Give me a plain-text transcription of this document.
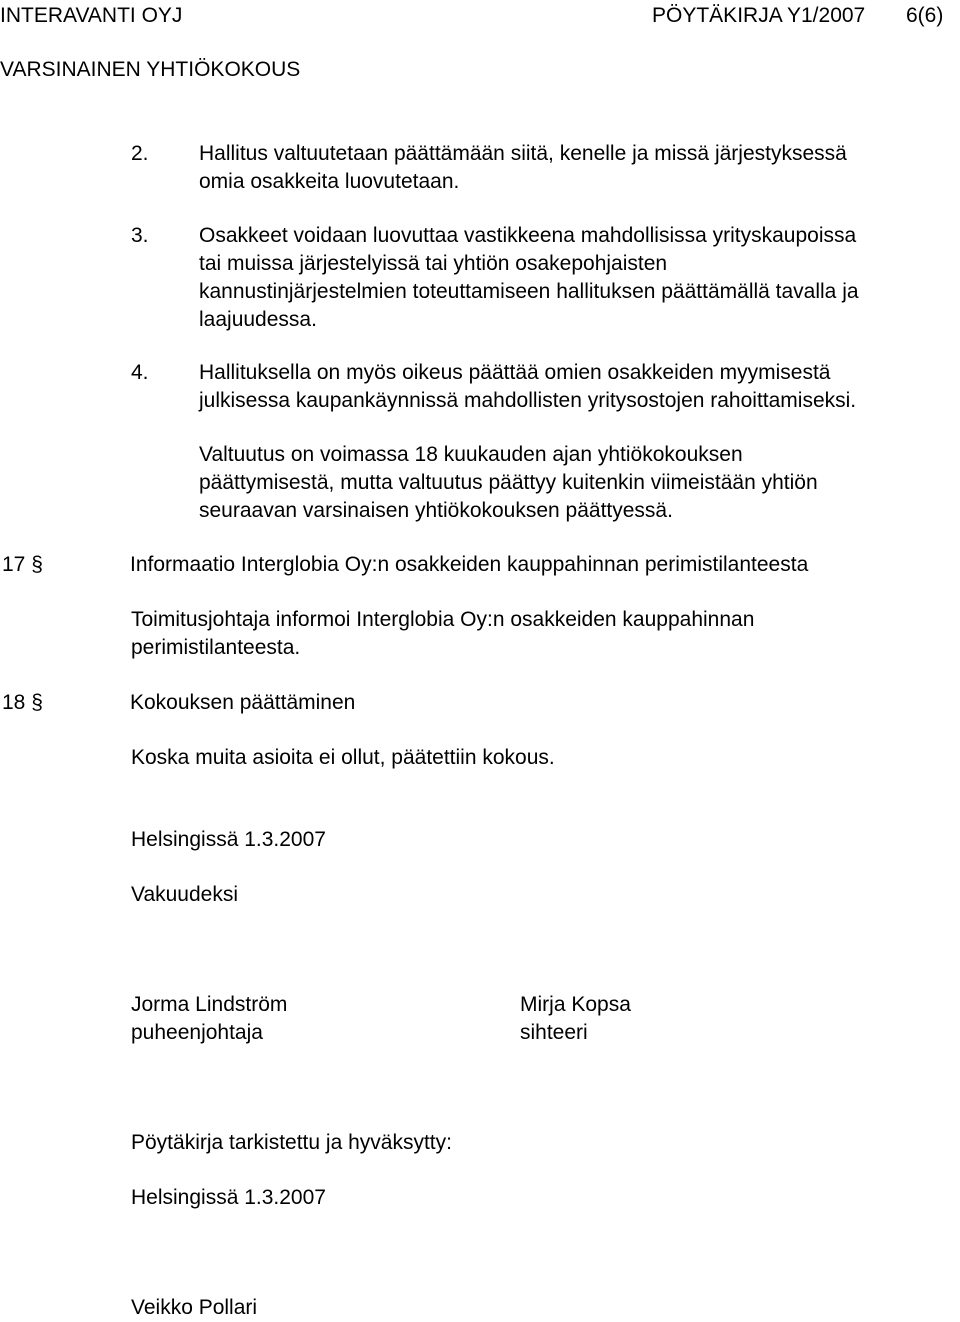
INTERAVANTI OYJ	PÖYTÄKIRJA Y1/2007 6(6)
VARSINAINEN YHTIÖKOKOUS
2. Hallitus valtuutetaan päättämään siitä, kenelle ja missä järjestyksessä
omia osakkeita luovutetaan.
3. Osakkeet voidaan luovuttaa vastikkeena mahdollisissa yrityskaupoissa
tai muissa järjestelyissä tai yhtiön osakepohjaisten
kannustinjärjestelmien toteuttamiseen hallituksen päättämällä tavalla ja
laajuudessa.
4. Hallituksella on myös oikeus päättää omien osakkeiden myymisestä
julkisessa kaupankäynnissä mahdollisten yritysostojen rahoittamiseksi.
Valtuutus on voimassa 18 kuukauden ajan yhtiökokouksen
päättymisestä, mutta valtuutus päättyy kuitenkin viimeistään yhtiön
seuraavan varsinaisen yhtiökokouksen päättyessä.
17 §	Informaatio Interglobia Oy:n osakkeiden kauppahinnan perimistilanteesta
Toimitusjohtaja informoi Interglobia Oy:n osakkeiden kauppahinnan
perimistilanteesta.
18 §	Kokouksen päättäminen
Koska muita asioita ei ollut, päätettiin kokous.
Helsingissä 1.3.2007
Vakuudeksi
Jorma Lindström
puheenjohtaja
Mirja Kopsa
sihteeri
Pöytäkirja tarkistettu ja hyväksytty:
Helsingissä 1.3.2007
Veikko Pollari
